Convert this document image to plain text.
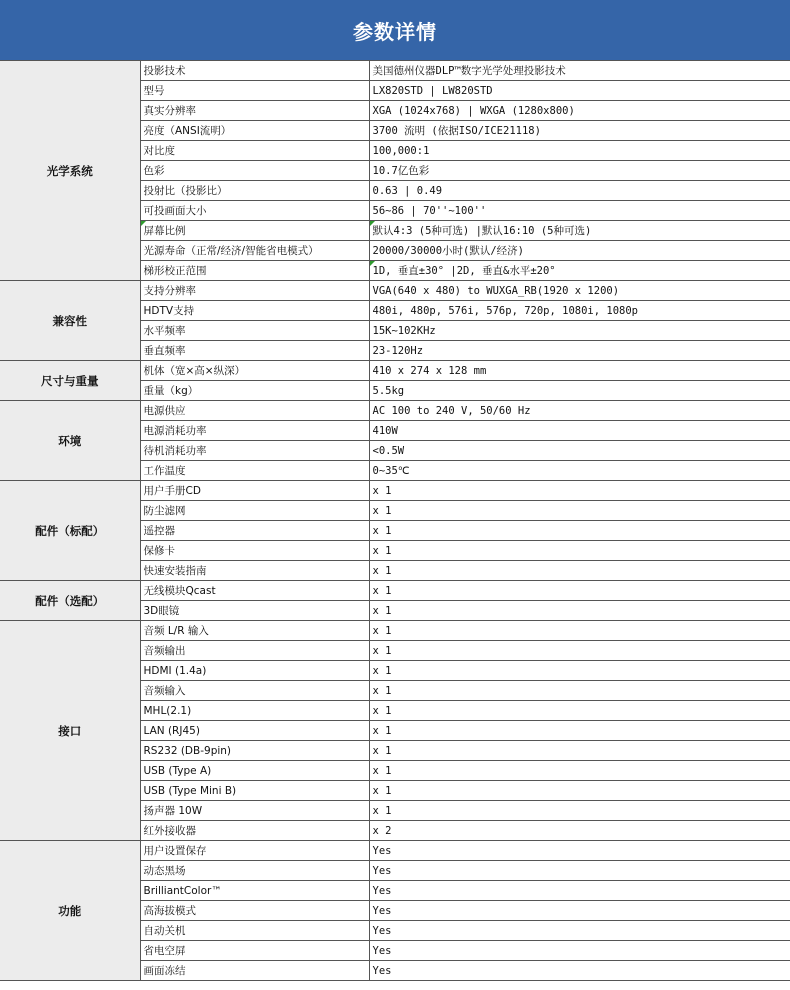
参数详情
光学系统	投影技术	美国德州仪器DLP™数字光学处理投影技术
	型号	LX820STD | LW820STD
	真实分辨率	XGA (1024x768) | WXGA (1280x800)
	亮度（ANSI流明）	3700 流明 (依据ISO/ICE21118)
	对比度	100,000:1
	色彩	10.7亿色彩
	投射比（投影比）	0.63 | 0.49
	可投画面大小	56~86 | 70''~100''
	屏幕比例	默认4:3 (5种可选) |默认16:10 (5种可选)
	光源寿命（正常/经济/智能省电模式）	20000/30000小时(默认/经济)
	梯形校正范围	1D, 垂直±30° |2D, 垂直&水平±20°
兼容性	支持分辨率	VGA(640 x 480) to WUXGA_RB(1920 x 1200)
	HDTV支持	480i, 480p, 576i, 576p, 720p, 1080i, 1080p
	水平频率	15K~102KHz
	垂直频率	23-120Hz
尺寸与重量	机体（宽×高×纵深）	410 x 274 x 128 mm
	重量（kg）	5.5kg
环境	电源供应	AC 100 to 240 V, 50/60 Hz
	电源消耗功率	410W
	待机消耗功率	<0.5W
	工作温度	0~35℃
配件（标配）	用户手册CD	x 1
	防尘滤网	x 1
	遥控器	x 1
	保修卡	x 1
	快速安装指南	x 1
配件（选配）	无线模块Qcast	x 1
	3D眼镜	x 1
接口	音频 L/R 输入	x 1
	音频输出	x 1
	HDMI (1.4a)	x 1
	音频输入	x 1
	MHL(2.1)	x 1
	LAN (RJ45)	x 1
	RS232 (DB-9pin)	x 1
	USB (Type A)	x 1
	USB (Type Mini B)	x 1
	扬声器 10W	x 1
	红外接收器	x 2
功能	用户设置保存	Yes
	动态黑场	Yes
	BrilliantColor™	Yes
	高海拔模式	Yes
	自动关机	Yes
	省电空屏	Yes
	画面冻结	Yes
